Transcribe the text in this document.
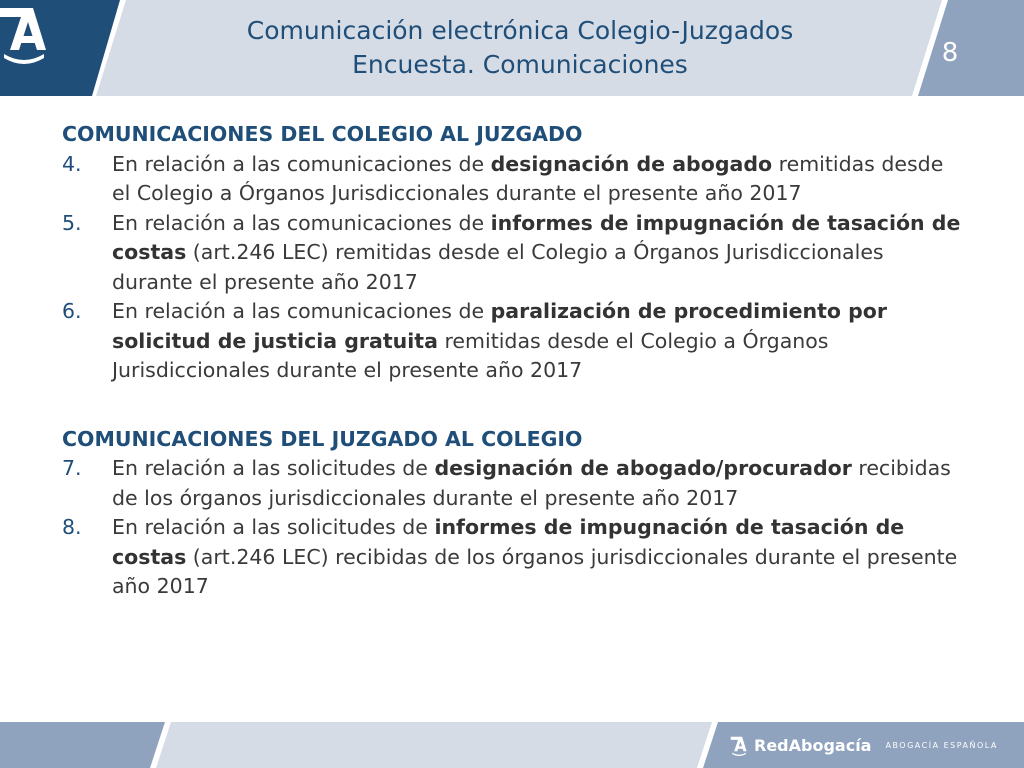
Comunicación electrónica Colegio-Juzgados
Encuesta. Comunicaciones	8
COMUNICACIONES DEL COLEGIO AL JUZGADO
4.	En relación a las comunicaciones de designación de abogado remitidas desde el Colegio a Órganos Jurisdiccionales durante el presente año 2017
5.	En relación a las comunicaciones de informes de impugnación de tasación de costas (art.246 LEC) remitidas desde el Colegio a Órganos Jurisdiccionales durante el presente año 2017
6.	En relación a las comunicaciones de paralización de procedimiento por solicitud de justicia gratuita remitidas desde el Colegio a Órganos Jurisdiccionales durante el presente año 2017
COMUNICACIONES DEL JUZGADO AL COLEGIO
7.	En relación a las solicitudes de designación de abogado/procurador recibidas de los órganos jurisdiccionales durante el presente año 2017
8.	En relación a las solicitudes de informes de impugnación de tasación de costas (art.246 LEC) recibidas de los órganos jurisdiccionales durante el presente año 2017
RedAbogacía ABOGACÍA ESPAÑOLA
